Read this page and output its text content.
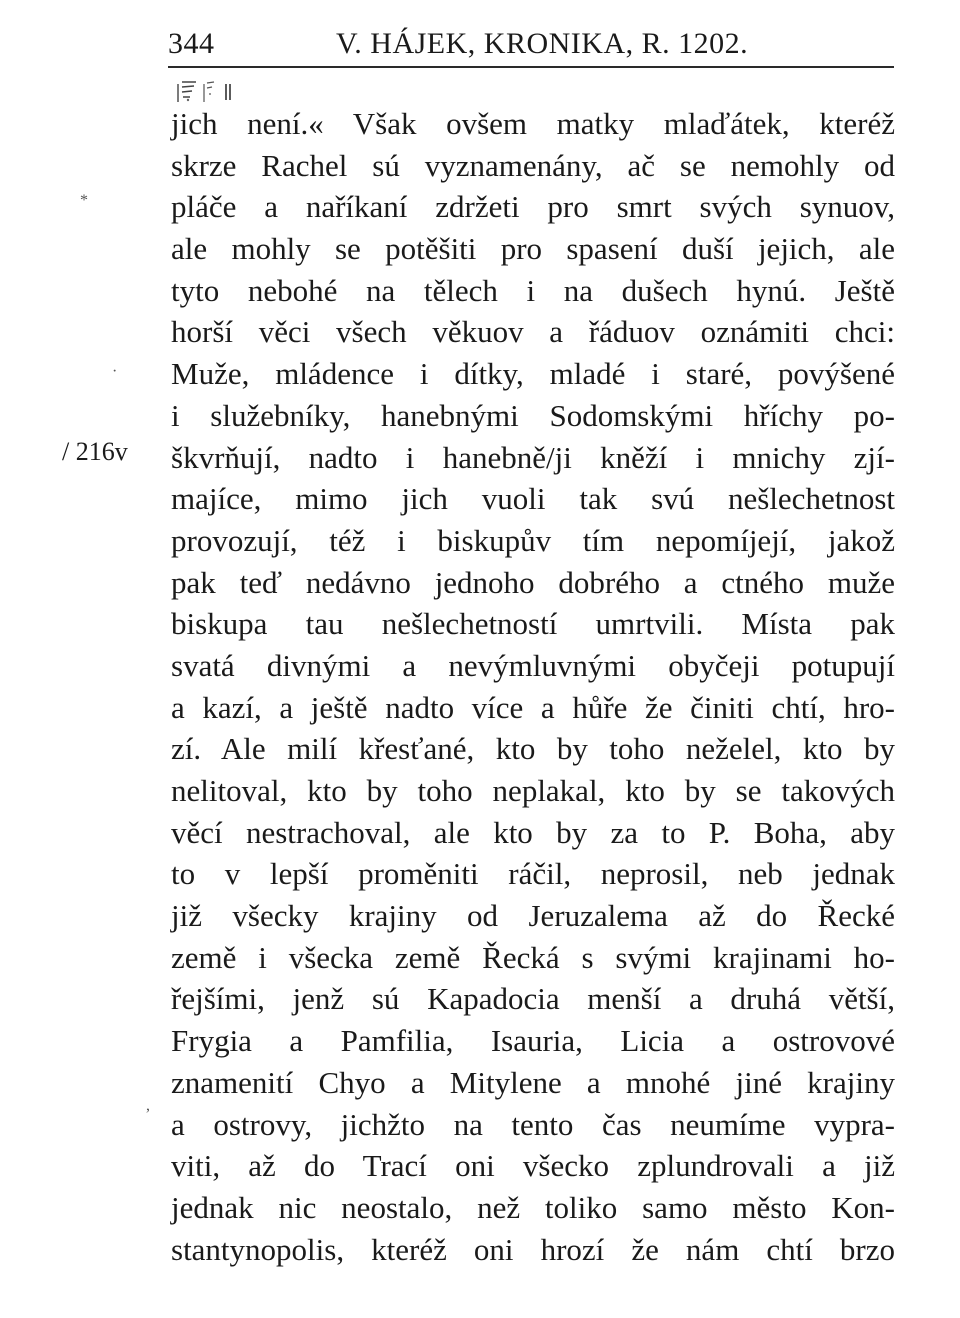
344	V. HÁJEK, KRONIKA, R. 1202.
*
·
,
/ 216v
jich není.« Však ovšem matky mlaďátek, kteréž
skrze Rachel sú vyznamenány, ač se nemohly od
pláče a naříkaní zdržeti pro smrt svých synuov,
ale mohly se potěšiti pro spasení duší jejich, ale
tyto nebohé na tělech i na dušech hynú. Ještě
horší věci všech věkuov a řáduov oznámiti chci:
Muže, mládence i dítky, mladé i staré, povýšené
i služebníky, hanebnými Sodomskými hříchy po-
škvrňují, nadto i hanebně/ji kněží i mnichy zjí-
majíce, mimo jich vuoli tak svú nešlechetnost
provozují, též i biskupův tím nepomíjejí, jakož
pak teď nedávno jednoho dobrého a ctného muže
biskupa tau nešlechetností umrtvili. Místa pak
svatá divnými a nevýmluvnými obyčeji potupují
a kazí, a ještě nadto více a hůře že činiti chtí, hro-
zí. Ale milí křesťané, kto by toho neželel, kto by
nelitoval, kto by toho neplakal, kto by se takových
věcí nestrachoval, ale kto by za to P. Boha, aby
to v lepší proměniti ráčil, neprosil, neb jednak
již všecky krajiny od Jeruzalema až do Řecké
země i všecka země Řecká s svými krajinami ho-
řejšími, jenž sú Kapadocia menší a druhá větší,
Frygia a Pamfilia, Isauria, Licia a ostrovové
znamenití Chyo a Mitylene a mnohé jiné krajiny
a ostrovy, jichžto na tento čas neumíme vypra-
viti, až do Trací oni všecko zplundrovali a již
jednak nic neostalo, než toliko samo město Kon-
stantynopolis, kteréž oni hrozí že nám chtí brzo
